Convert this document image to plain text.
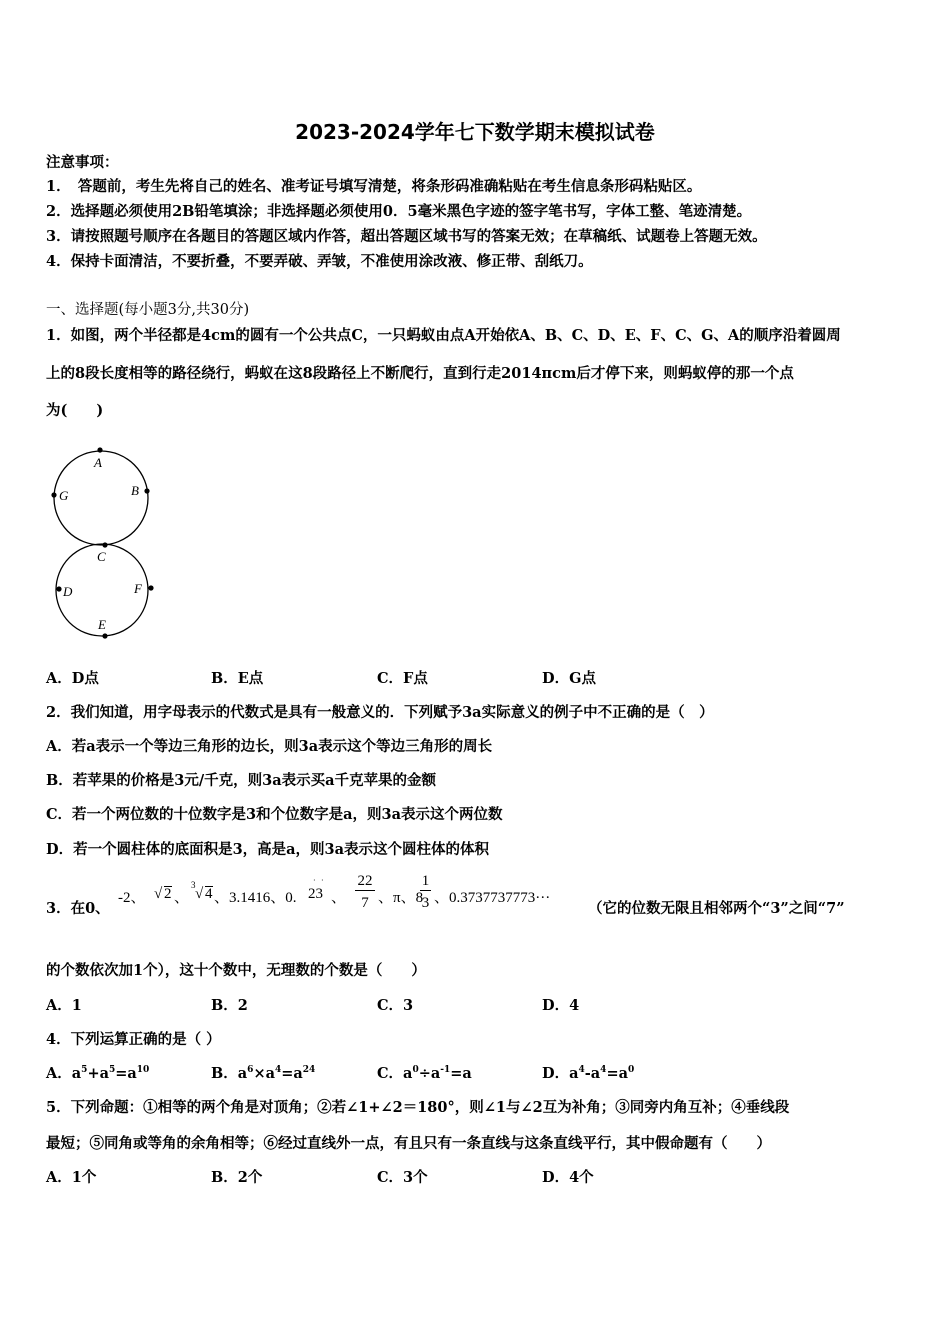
2023-2024学年七下数学期末模拟试卷
注意事项：
1．　答题前，考生先将自己的姓名、准考证号填写清楚，将条形码准确粘贴在考生信息条形码粘贴区。
2．选择题必须使用2B铅笔填涂；非选择题必须使用0．5毫米黑色字迹的签字笔书写，字体工整、笔迹清楚。
3．请按照题号顺序在各题目的答题区域内作答，超出答题区域书写的答案无效；在草稿纸、试题卷上答题无效。
4．保持卡面清洁，不要折叠，不要弄破、弄皱，不准使用涂改液、修正带、刮纸刀。
一、选择题(每小题3分,共30分)
1．如图，两个半径都是4cm的圆有一个公共点C，一只蚂蚁由点A开始依A、B、C、D、E、F、C、G、A的顺序沿着圆周
上的8段长度相等的路径绕行，蚂蚁在这8段路径上不断爬行，直到行走2014πcm后才停下来，则蚂蚁停的那一个点
为(　　)
A
B
G
C
D	F
E
A．D点	B．E点	C．F点	D．G点
2．我们知道，用字母表示的代数式是具有一般意义的．下列赋予3a实际意义的例子中不正确的是（　）
A．若a表示一个等边三角形的边长，则3a表示这个等边三角形的周长
B．若苹果的价格是3元/千克，则3a表示买a千克苹果的金额
C．若一个两位数的十位数字是3和个位数字是a，则3a表示这个两位数
D．若一个圆柱体的底面积是3，高是a，则3a表示这个圆柱体的体积
3．在0、
-2、 √ 2 、
3
√ 4 、3.1416、0. 23
· ·
、
22
7 、π、8
1
3 、0.3737737773···
（它的位数无限且相邻两个“3”之间“7”
的个数依次加1个），这十个数中，无理数的个数是（　　）
A．1	B．2	C．3	D．4
4．下列运算正确的是（ ）
A．$a^5+a^5=a^{10}$	B．$a^6\times a^4=a^{24}$	C．$a^0\div a^{-1}=a$	D．$a^4-a^4=a^0$
5．下列命题：①相等的两个角是对顶角；②若∠1+∠2＝180°，则∠1与∠2互为补角；③同旁内角互补；④垂线段
最短；⑤同角或等角的余角相等；⑥经过直线外一点，有且只有一条直线与这条直线平行，其中假命题有（　　）
A．1个	B．2个	C．3个	D．4个
